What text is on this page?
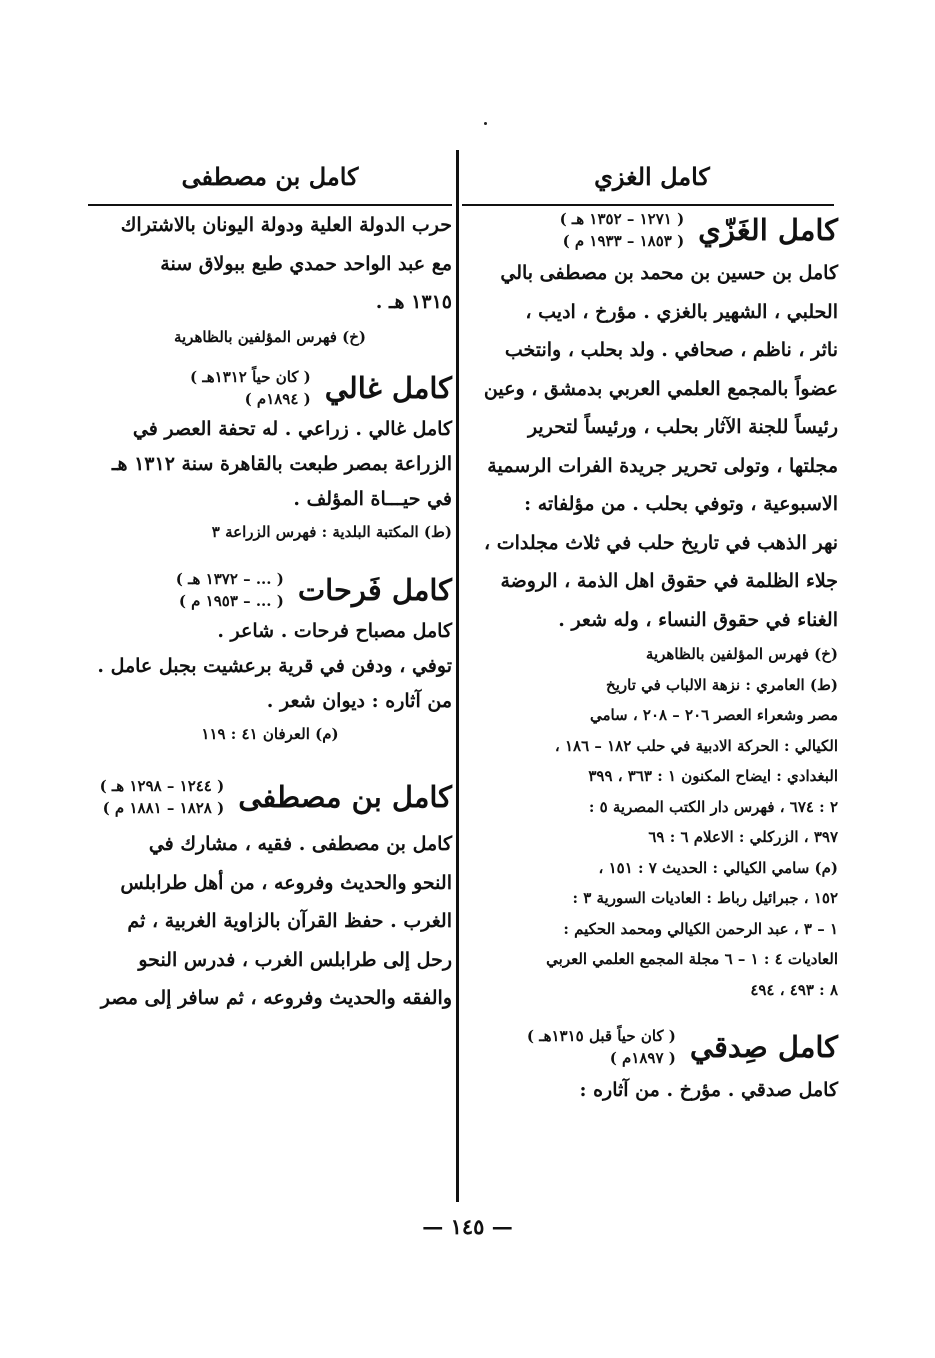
كامل الغزي
كامل الغَزّي
( ١٢٧١ – ١٣٥٢ هـ )
( ١٨٥٣ – ١٩٣٣ م )

كامل بن حسين بن محمد بن مصطفى بالي

الحلبي ، الشهير بالغزي . مؤرخ ، اديب ،

ناثر ، ناظم ، صحافي . ولد بحلب ، وانتخب

عضواً بالمجمع العلمي العربي بدمشق ، وعين

رئيساً للجنة الآثار بحلب ، ورئيساً لتحرير

مجلتها ، وتولى تحرير جريدة الفرات الرسمية

الاسبوعية ، وتوفي بحلب . من مؤلفاته :

نهر الذهب في تاريخ حلب في ثلاث مجلدات ،

جلاء الظلمة في حقوق اهل الذمة ، الروضة

الغناء في حقوق النساء ، وله شعر .

(خ) فهرس المؤلفين بالظاهرية

(ط) العامري : نزهة الالباب في تاريخ

مصر وشعراء العصر ٢٠٦ – ٢٠٨ ، سامي

الكيالي : الحركة الادبية في حلب ١٨٢ – ١٨٦ ،

البغدادي : ايضاح المكنون ١ : ٣٦٣ ، ٣٩٩

٢ : ٦٧٤ ، فهرس دار الكتب المصرية ٥ :

٣٩٧ ، الزركلي : الاعلام ٦ : ٦٩

(م) سامي الكيالي : الحديث ٧ : ١٥١ ،

١٥٢ ، جبرائيل رباط : العاديات السورية ٣ :

١ – ٣ ، عبد الرحمن الكيالي ومحمد الحكيم :

العاديات ٤ : ١ – ٦ مجلة المجمع العلمي العربي

٨ : ٤٩٣ ، ٤٩٤

كامل صِدقي
( كان حياً قبل ١٣١٥هـ )
( ١٨٩٧م )

كامل صدقي . مؤرخ . من آثاره :

كامل بن مصطفى

حرب الدولة العلية ودولة اليونان بالاشتراك

مع عبد الواحد حمدي طبع ببولاق سنة

١٣١٥ هـ .

(خ) فهرس المؤلفين بالظاهرية

كامل غالي
( كان حياً ١٣١٢هـ )
( ١٨٩٤م )

كامل غالي . زراعي . له تحفة العصر في

الزراعة بمصر طبعت بالقاهرة سنة ١٣١٢ هـ

في حيـــاة المؤلف .

(ط) المكتبة البلدية : فهرس الزراعة ٣

كامل فَرحات
( ... – ١٣٧٢ هـ )
( ... – ١٩٥٣ م )

كامل مصباح فرحات . شاعر .

توفي ، ودفن في قرية برعشيت بجبل عامل .

من آثاره : ديوان شعر .

(م) العرفان ٤١ : ١١٩

كامل بن مصطفى
( ١٢٤٤ – ١٢٩٨ هـ )
( ١٨٢٨ – ١٨٨١ م )

كامل بن مصطفى . فقيه ، مشارك في

النحو والحديث وفروعه ، من أهل طرابلس

الغرب . حفظ القرآن بالزاوية الغربية ، ثم

رحل إلى طرابلس الغرب ، فدرس النحو

والفقه والحديث وفروعه ، ثم سافر إلى مصر

— ١٤٥ —
